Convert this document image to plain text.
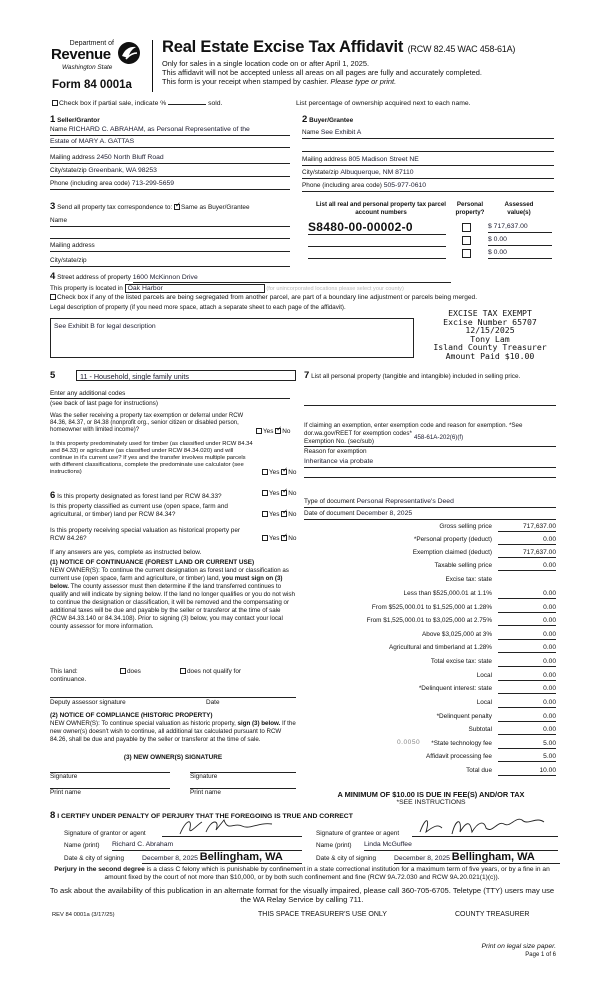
Department of
Revenue
Washington State
Form 84 0001a
Real Estate Excise Tax Affidavit (RCW 82.45 WAC 458-61A)
Only for sales in a single location code on or after April 1, 2025.
This affidavit will not be accepted unless all areas on all pages are fully and accurately completed.
This form is your receipt when stamped by cashier. Please type or print.
Check box if partial sale, indicate %	sold.	List percentage of ownership acquired next to each name.
1 Seller/Grantor
Name RICHARD C. ABRAHAM, as Personal Representative of the
Estate of MARY A. GATTAS
Mailing address 2450 North Bluff Road
City/state/zip Greenbank, WA 98253
Phone (including area code) 713-299-5659
2 Buyer/Grantee
Name See Exhibit A
Mailing address 805 Madison Street NE
City/state/zip Albuquerque, NM 87110
Phone (including area code) 505-977-0610
3 Send all property tax correspondence to: ✓ Same as Buyer/Grantee
Name
Mailing address
City/state/zip
List all real and personal property tax parcel account numbers
Personal property?
Assessed value(s)
S8480-00-00002-0	$ 717,637.00
$ 0.00
$ 0.00
4 Street address of property 1600 McKinnon Drive
This property is located in Oak Harbor	(for unincorporated locations please select your county)
Check box if any of the listed parcels are being segregated from another parcel, are part of a boundary line adjustment or parcels being merged.
Legal description of property (if you need more space, attach a separate sheet to each page of the affidavit).
See Exhibit B for legal description
EXCISE TAX EXEMPT
Excise Number 65707
12/15/2025
Tony Lam
Island County Treasurer
Amount Paid $10.00
5	11 - Household, single family units
Enter any additional codes
(see back of last page for instructions)
Was the seller receiving a property tax exemption or deferral under RCW 84.36, 84.37, or 84.38 (nonprofit org., senior citizen or disabled person, homeowner with limited income)?	Yes ✓ No
Is this property predominately used for timber (as classified under RCW 84.34 and 84.33) or agriculture (as classified under RCW 84.34.020) and will continue in it's current use? If yes and the transfer involves multiple parcels with different classifications, complete the predominate use calculator (see instructions)	Yes ✓ No
6 Is this property designated as forest land per RCW 84.33?	Yes ✓ No
Is this property classified as current use (open space, farm and agricultural, or timber) land per RCW 84.34?	Yes ✓ No
Is this property receiving special valuation as historical property per RCW 84.26?	Yes ✓ No
If any answers are yes, complete as instructed below.
(1) NOTICE OF CONTINUANCE (FOREST LAND OR CURRENT USE)
NEW OWNER(S): To continue the current designation as forest land or classification as current use (open space, farm and agriculture, or timber) land, you must sign on (3) below. The county assessor must then determine if the land transferred continues to qualify and will indicate by signing below. If the land no longer qualifies or you do not wish to continue the designation or classification, it will be removed and the compensating or additional taxes will be due and payable by the seller or transferor at the time of sale (RCW 84.33.140 or 84.34.108). Prior to signing (3) below, you may contact your local county assessor for more information.
This land:	does	does not qualify for
continuance.
Deputy assessor signature	Date
(2) NOTICE OF COMPLIANCE (HISTORIC PROPERTY)
NEW OWNER(S): To continue special valuation as historic property, sign (3) below. If the new owner(s) doesn't wish to continue, all additional tax calculated pursuant to RCW 84.26, shall be due and payable by the seller or transferor at the time of sale.
(3) NEW OWNER(S) SIGNATURE
Signature	Signature
Print name	Print name
7 List all personal property (tangible and intangible) included in selling price.
If claiming an exemption, enter exemption code and reason for exemption. *See dor.wa.gov/REET for exemption codes*
Exemption No. (sec/sub)
458-61A-202(6)(f)
Reason for exemption
Inheritance via probate
Type of document Personal Representative's Deed
Date of document December 8, 2025
Gross selling price	717,637.00
*Personal property (deduct)	0.00
Exemption claimed (deduct)	717,637.00
Taxable selling price	0.00
Excise tax: state
Less than $525,000.01 at 1.1%	0.00
From $525,000.01 to $1,525,000 at 1.28%	0.00
From $1,525,000.01 to $3,025,000 at 2.75%	0.00
Above $3,025,000 at 3%	0.00
Agricultural and timberland at 1.28%	0.00
Total excise tax: state	0.00
Local	0.00
*Delinquent interest: state	0.00
Local	0.00
*Delinquent penalty	0.00
Subtotal	0.00
*State technology fee	5.00
Affidavit processing fee	5.00
Total due	10.00
0.0050
A MINIMUM OF $10.00 IS DUE IN FEE(S) AND/OR TAX
*SEE INSTRUCTIONS
8 I CERTIFY UNDER PENALTY OF PERJURY THAT THE FOREGOING IS TRUE AND CORRECT
Signature of grantor or agent
Name (print) Richard C. Abraham
Date & city of signing	December 8, 2025 Bellingham, WA
Signature of grantee or agent
Name (print) Linda McGuffee
Date & city of signing	December 8, 2025 Bellingham, WA
Perjury in the second degree is a class C felony which is punishable by confinement in a state correctional institution for a maximum term of five years, or by a fine in an amount fixed by the court of not more than $10,000, or by both such confinement and fine (RCW 9A.72.030 and RCW 9A.20.021(1)(c)).
To ask about the availability of this publication in an alternate format for the visually impaired, please call 360-705-6705. Teletype (TTY) users may use the WA Relay Service by calling 711.
REV 84 0001a (3/17/25)	THIS SPACE TREASURER'S USE ONLY	COUNTY TREASURER
Print on legal size paper.
Page 1 of 6
